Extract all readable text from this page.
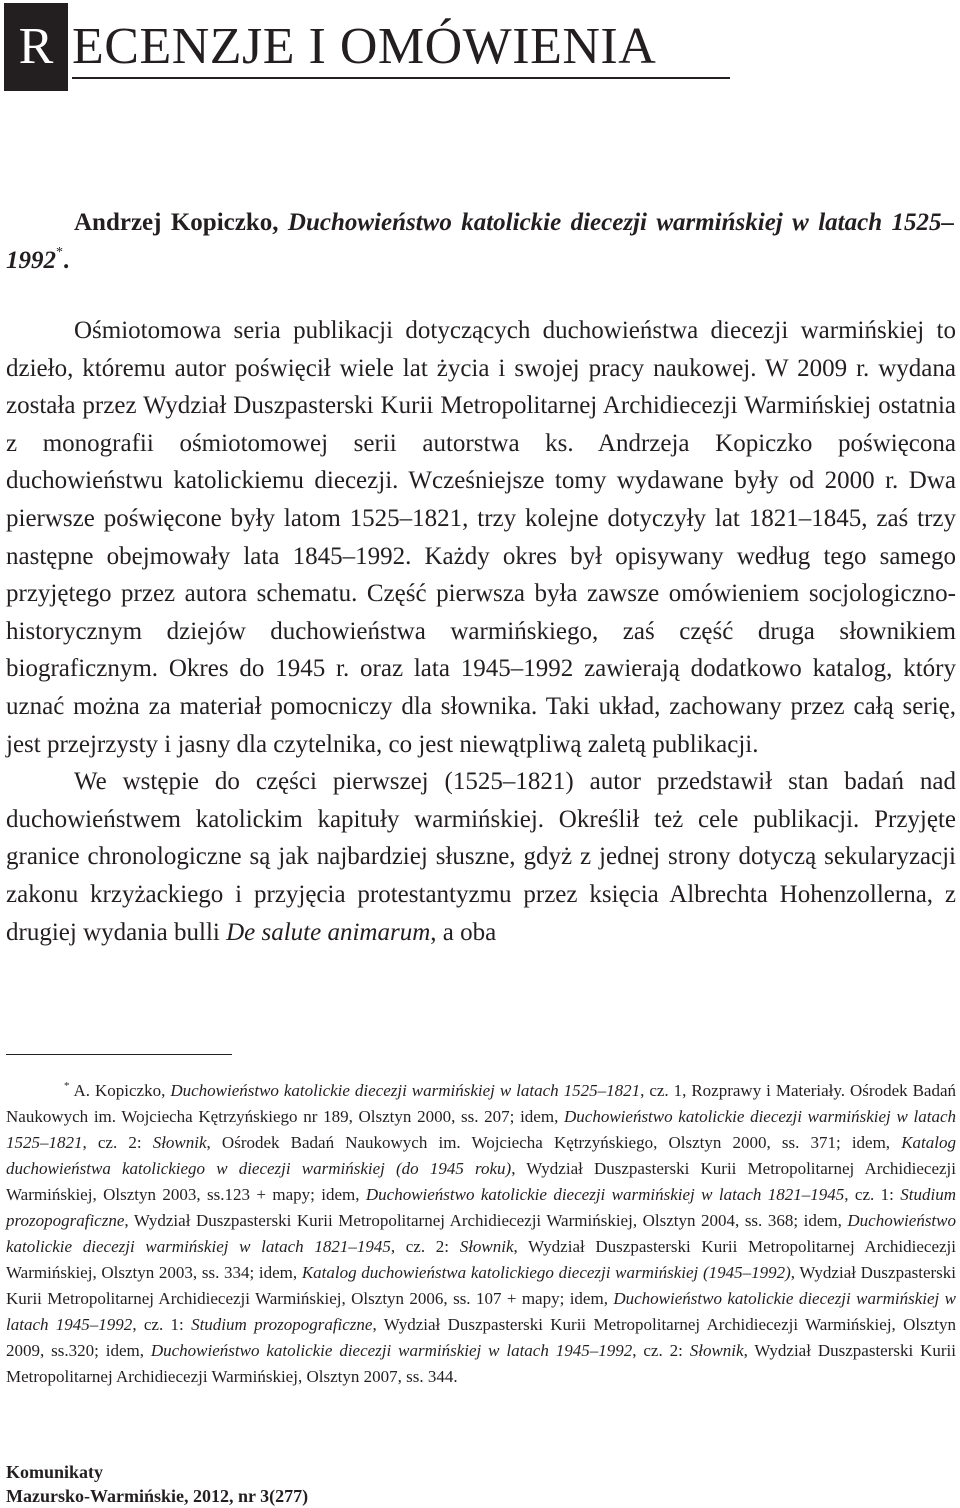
R ECENZJE I OMÓWIENIA
Andrzej Kopiczko, Duchowieństwo katolickie diecezji warmińskiej w latach 1525–1992*.

Ośmiotomowa seria publikacji dotyczących duchowieństwa diecezji warmińskiej to dzieło, któremu autor poświęcił wiele lat życia i swojej pracy naukowej. W 2009 r. wydana została przez Wydział Duszpasterski Kurii Metropolitarnej Archidiecezji Warmińskiej ostatnia z monografii ośmiotomowej serii autorstwa ks. Andrzeja Kopiczko poświęcona duchowieństwu katolickiemu diecezji. Wcześniejsze tomy wydawane były od 2000 r. Dwa pierwsze poświęcone były latom 1525–1821, trzy kolejne dotyczyły lat 1821–1845, zaś trzy następne obejmowały lata 1845–1992. Każdy okres był opisywany według tego samego przyjętego przez autora schematu. Część pierwsza była zawsze omówieniem socjologiczno-historycznym dziejów duchowieństwa warmińskiego, zaś część druga słownikiem biograficznym. Okres do 1945 r. oraz lata 1945–1992 zawierają dodatkowo katalog, który uznać można za materiał pomocniczy dla słownika. Taki układ, zachowany przez całą serię, jest przejrzysty i jasny dla czytelnika, co jest niewątpliwą zaletą publikacji.

We wstępie do części pierwszej (1525–1821) autor przedstawił stan badań nad duchowieństwem katolickim kapituły warmińskiej. Określił też cele publikacji. Przyjęte granice chronologiczne są jak najbardziej słuszne, gdyż z jednej strony dotyczą sekularyzacji zakonu krzyżackiego i przyjęcia protestantyzmu przez księcia Albrechta Hohenzollerna, z drugiej wydania bulli De salute animarum, a oba

* A. Kopiczko, Duchowieństwo katolickie diecezji warmińskiej w latach 1525–1821, cz. 1, Rozprawy i Materiały. Ośrodek Badań Naukowych im. Wojciecha Kętrzyńskiego nr 189, Olsztyn 2000, ss. 207; idem, Duchowieństwo katolickie diecezji warmińskiej w latach 1525–1821, cz. 2: Słownik, Ośrodek Badań Naukowych im. Wojciecha Kętrzyńskiego, Olsztyn 2000, ss. 371; idem, Katalog duchowieństwa katolickiego w diecezji warmińskiej (do 1945 roku), Wydział Duszpasterski Kurii Metropolitarnej Archidiecezji Warmińskiej, Olsztyn 2003, ss.123 + mapy; idem, Duchowieństwo katolickie diecezji warmińskiej w latach 1821–1945, cz. 1: Studium prozopograficzne, Wydział Duszpasterski Kurii Metropolitarnej Archidiecezji Warmińskiej, Olsztyn 2004, ss. 368; idem, Duchowieństwo katolickie diecezji warmińskiej w latach 1821–1945, cz. 2: Słownik, Wydział Duszpasterski Kurii Metropolitarnej Archidiecezji Warmińskiej, Olsztyn 2003, ss. 334; idem, Katalog duchowieństwa katolickiego diecezji warmińskiej (1945–1992), Wydział Duszpasterski Kurii Metropolitarnej Archidiecezji Warmińskiej, Olsztyn 2006, ss. 107 + mapy; idem, Duchowieństwo katolickie diecezji warmińskiej w latach 1945–1992, cz. 1: Studium prozopograficzne, Wydział Duszpasterski Kurii Metropolitarnej Archidiecezji Warmińskiej, Olsztyn 2009, ss.320; idem, Duchowieństwo katolickie diecezji warmińskiej w latach 1945–1992, cz. 2: Słownik, Wydział Duszpasterski Kurii Metropolitarnej Archidiecezji Warmińskiej, Olsztyn 2007, ss. 344.

Komunikaty
Mazursko-Warmińskie, 2012, nr 3(277)
